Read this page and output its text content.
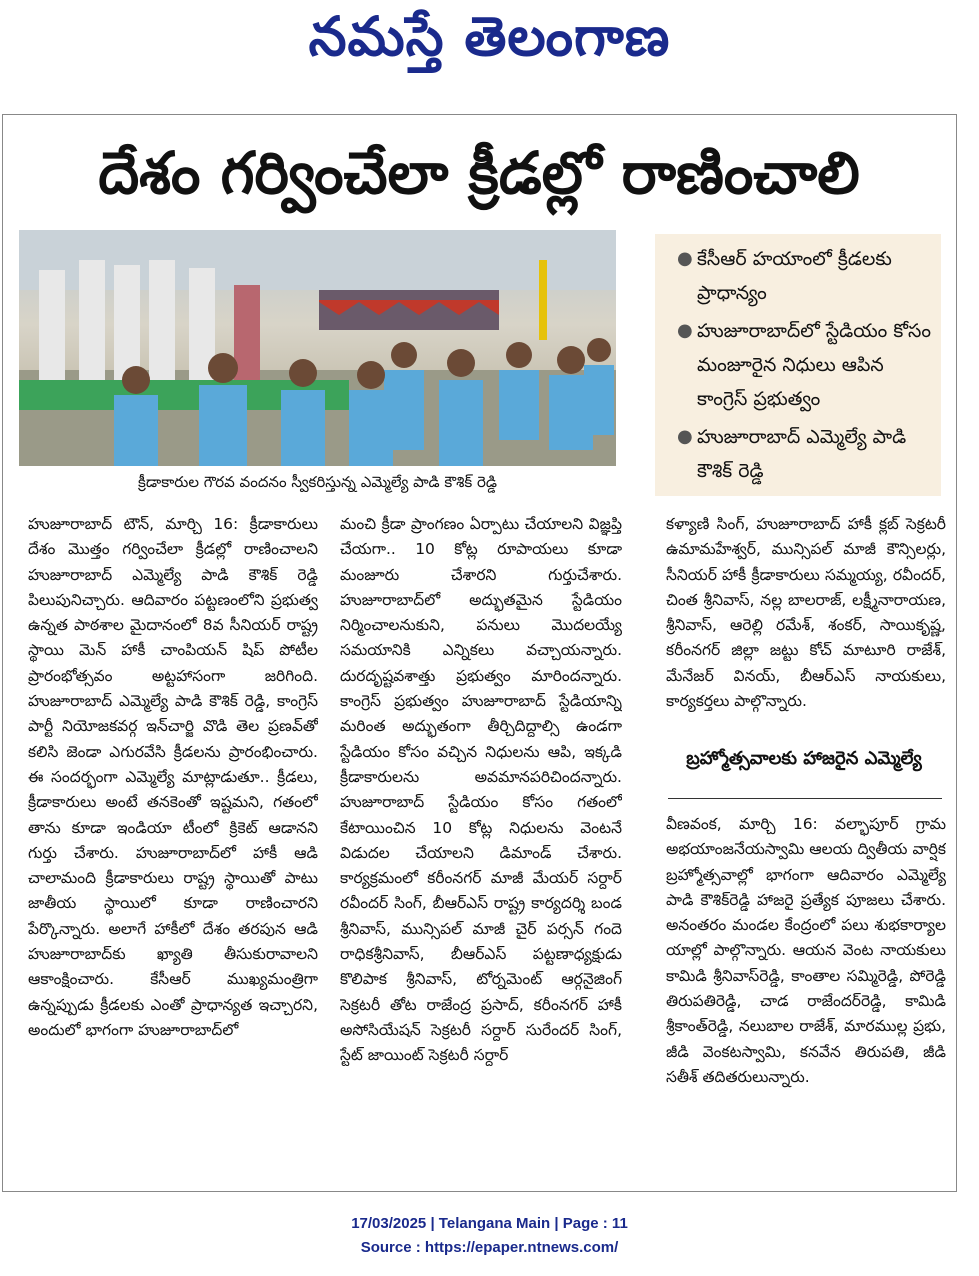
నమస్తే తెలంగాణ
దేశం గర్వించేలా క్రీడల్లో రాణించాలి
క్రీడాకారుల గౌరవ వందనం స్వీకరిస్తున్న ఎమ్మెల్యే పాడి కౌశిక్ రెడ్డి
● కేసీఆర్ హయాంలో క్రీడలకు ప్రాధాన్యం
● హుజూరాబాద్‌లో స్టేడియం కోసం మంజూరైన నిధులు ఆపిన కాంగ్రెస్ ప్రభుత్వం
● హుజూరాబాద్ ఎమ్మెల్యే పాడి కౌశిక్ రెడ్డి

హుజూరాబాద్ టౌన్, మార్చి 16: క్రీడాకారులు దేశం మొత్తం గర్వించేలా క్రీడల్లో రాణించాలని హుజూరాబాద్ ఎమ్మెల్యే పాడి కౌశిక్ రెడ్డి పిలుపునిచ్చారు. ఆదివారం పట్టణంలోని ప్రభుత్వ ఉన్నత పాఠశాల మైదానంలో 8వ సీనియర్ రాష్ట్ర స్థాయి మెన్ హాకీ చాంపియన్ షిప్ పోటీల ప్రారంభోత్సవం అట్టహాసంగా జరిగింది. హుజూరాబాద్ ఎమ్మెల్యే పాడి కౌశిక్ రెడ్డి, కాంగ్రెస్ పార్టీ నియోజకవర్గ ఇన్‌చార్జి వొడి తెల ప్రణవ్‌తో కలిసి జెండా ఎగురవేసి క్రీడలను ప్రారంభించారు. ఈ సందర్భంగా ఎమ్మెల్యే మాట్లాడుతూ.. క్రీడలు, క్రీడాకారులు అంటే తనకెంతో ఇష్టమని, గతంలో తాను కూడా ఇండియా టీంలో క్రికెట్ ఆడానని గుర్తు చేశారు. హుజూరాబాద్‌లో హాకీ ఆడి చాలామంది క్రీడాకారులు రాష్ట్ర స్థాయితో పాటు జాతీయ స్థాయిలో కూడా రాణించారని పేర్కొన్నారు. అలాగే హాకీలో దేశం తరపున ఆడి హుజూరాబాద్‌కు ఖ్యాతి తీసుకురావాలని ఆకాంక్షించారు. కేసీఆర్ ముఖ్యమంత్రిగా ఉన్నప్పుడు క్రీడలకు ఎంతో ప్రాధాన్యత ఇచ్చారని, అందులో భాగంగా హుజూరాబాద్‌లో

మంచి క్రీడా ప్రాంగణం ఏర్పాటు చేయాలని విజ్ఞప్తి చేయగా.. 10 కోట్ల రూపాయలు కూడా మంజూరు చేశారని గుర్తుచేశారు. హుజూరాబాద్‌లో అద్భుతమైన స్టేడియం నిర్మించాలనుకుని, పనులు మొదలయ్యే సమయానికి ఎన్నికలు వచ్చాయన్నారు. దురదృష్టవశాత్తు ప్రభుత్వం మారిందన్నారు. కాంగ్రెస్ ప్రభుత్వం హుజూరాబాద్ స్టేడియాన్ని మరింత అద్భుతంగా తీర్చిదిద్దాల్సి ఉండగా స్టేడియం కోసం వచ్చిన నిధులను ఆపి, ఇక్కడి క్రీడాకారులను అవమానపరిచిందన్నారు. హుజూరాబాద్ స్టేడియం కోసం గతంలో కేటాయించిన 10 కోట్ల నిధులను వెంటనే విడుదల చేయాలని డిమాండ్ చేశారు. కార్యక్రమంలో కరీంనగర్ మాజీ మేయర్ సర్దార్ రవీందర్ సింగ్, బీఆర్‌ఎస్ రాష్ట్ర కార్యదర్శి బండ శ్రీనివాస్, మున్సిపల్ మాజీ చైర్ పర్సన్ గందె రాధికశ్రీనివాస్, బీఆర్‌ఎస్ పట్టణాధ్యక్షుడు కొలిపాక శ్రీనివాస్, టోర్నమెంట్ ఆర్గనైజింగ్ సెక్రటరీ తోట రాజేంద్ర ప్రసాద్, కరీంనగర్ హాకీ అసోసియేషన్ సెక్రటరీ సర్దార్ సురేందర్ సింగ్, స్టేట్ జాయింట్ సెక్రటరీ సర్దార్

కళ్యాణి సింగ్, హుజూరాబాద్ హాకీ క్లబ్ సెక్రటరీ ఉమామహేశ్వర్, మున్సిపల్ మాజీ కౌన్సిలర్లు, సీనియర్ హాకీ క్రీడాకారులు సమ్మయ్య, రవీందర్, చింత శ్రీనివాస్, నల్ల బాలరాజ్, లక్ష్మీనారాయణ, శ్రీనివాస్, ఆరెల్లి రమేశ్, శంకర్, సాయికృష్ణ, కరీంనగర్ జిల్లా జట్టు కోచ్ మాటూరి రాజేశ్, మేనేజర్ వినయ్, బీఆర్‌ఎస్ నాయకులు, కార్యకర్తలు పాల్గొన్నారు.

బ్రహ్మోత్సవాలకు హాజరైన ఎమ్మెల్యే

వీణవంక, మార్చి 16: వల్భాపూర్ గ్రామ అభయాంజనేయస్వామి ఆలయ ద్వితీయ వార్షిక బ్రహ్మోత్సవాల్లో భాగంగా ఆదివారం ఎమ్మెల్యే పాడి కౌశిక్‌రెడ్డి హాజరై ప్రత్యేక పూజలు చేశారు. అనంతరం మండల కేంద్రంలో పలు శుభకార్యాల యాల్లో పాల్గొన్నారు. ఆయన వెంట నాయకులు కామిడి శ్రీనివాస్‌రెడ్డి, కాంతాల సమ్మిరెడ్డి, పోరెడ్డి తిరుపతిరెడ్డి, చాడ రాజేందర్‌రెడ్డి, కామిడి శ్రీకాంత్‌రెడ్డి, నలుబాల రాజేశ్, మారముల్ల ప్రభు, జీడి వెంకటస్వామి, కనవేన తిరుపతి, జీడి సతీశ్ తదితరులున్నారు.

17/03/2025 | Telangana Main | Page : 11
Source : https://epaper.ntnews.com/
